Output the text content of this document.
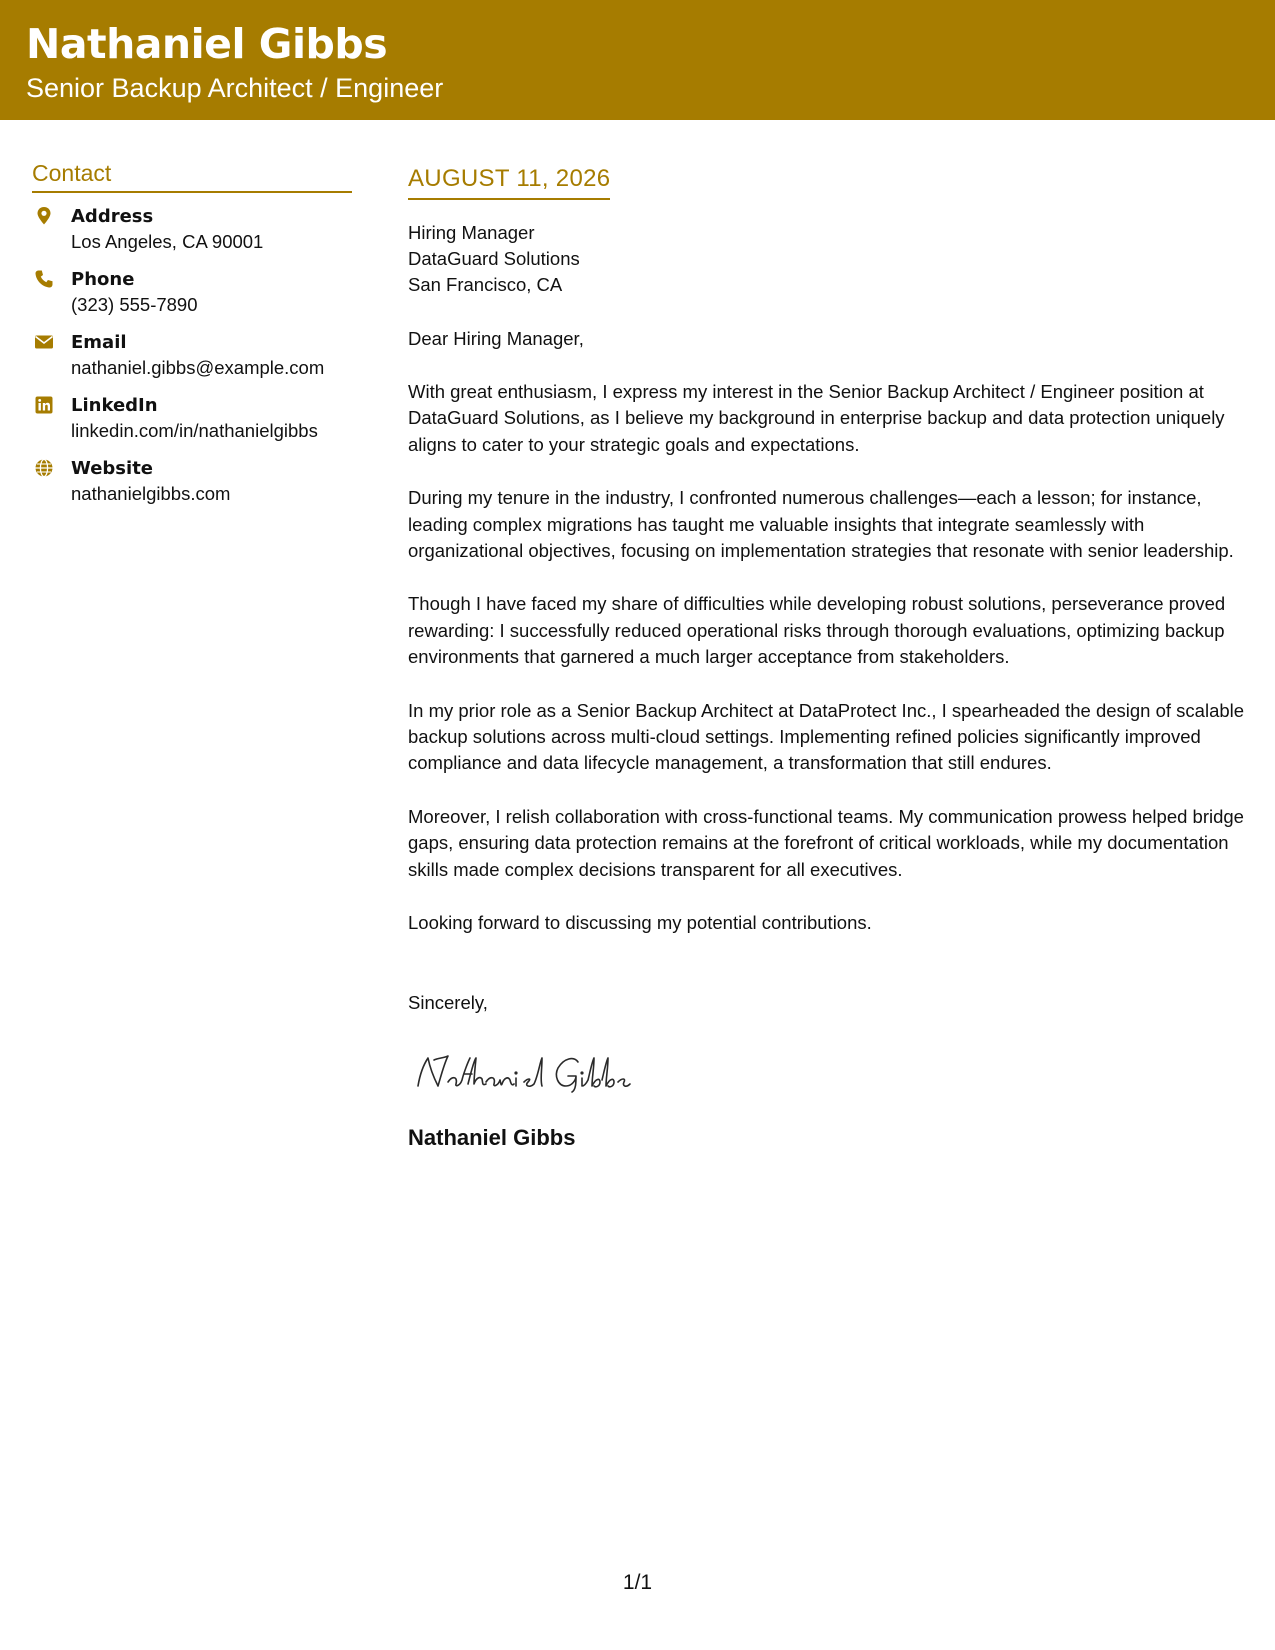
Nathaniel Gibbs
Senior Backup Architect / Engineer
Contact
Address
Los Angeles, CA 90001
Phone
(323) 555-7890
Email
nathaniel.gibbs@example.com
LinkedIn
linkedin.com/in/nathanielgibbs
Website
nathanielgibbs.com
AUGUST 11, 2026
Hiring Manager
DataGuard Solutions
San Francisco, CA
Dear Hiring Manager,
With great enthusiasm, I express my interest in the Senior Backup Architect / Engineer position at DataGuard Solutions, as I believe my background in enterprise backup and data protection uniquely aligns to cater to your strategic goals and expectations.
During my tenure in the industry, I confronted numerous challenges—each a lesson; for instance, leading complex migrations has taught me valuable insights that integrate seamlessly with organizational objectives, focusing on implementation strategies that resonate with senior leadership.
Though I have faced my share of difficulties while developing robust solutions, perseverance proved rewarding: I successfully reduced operational risks through thorough evaluations, optimizing backup environments that garnered a much larger acceptance from stakeholders.
In my prior role as a Senior Backup Architect at DataProtect Inc., I spearheaded the design of scalable backup solutions across multi-cloud settings. Implementing refined policies significantly improved compliance and data lifecycle management, a transformation that still endures.
Moreover, I relish collaboration with cross-functional teams. My communication prowess helped bridge gaps, ensuring data protection remains at the forefront of critical workloads, while my documentation skills made complex decisions transparent for all executives.
Looking forward to discussing my potential contributions.
Sincerely,
Nathaniel Gibbs
1/1
